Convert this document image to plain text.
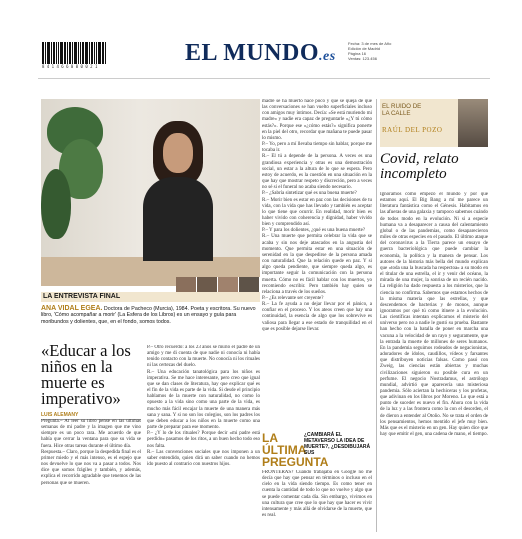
8 4 1 4 6 6 0 0 0 0 2 1
EL MUNDO.es
Fecha: 3 de mes de Año
Edición de Madrid
Página 16
Ventas: 123.456
LA ENTREVISTA FINAL
ANA VIDAL EGEA. Doctora de Pacheco (Murcia), 1984. Poeta y escritora. Su nuevo libro, 'Cómo acompañar a morir' (La Esfera de los Libros) es un ensayo y guía para moribundos y dolientes, que, en el fondo, somos todos.
«Educar a los niños en la muerte es imperativo»
LUIS ALEMANY

Pregunta.– Al leer su libro pensé en las últimas semanas de mi padre y la imagen que me vino siempre es un poco rara. Me acuerdo de que había que cerrar la ventana para que su vida se fuera. Hice otras tareas durante el último día.

Respuesta.– Claro, porque la despedida final es el primer miedo y el más intenso, es el espejo que nos devuelve lo que nos va a pasar a todos. Nos dice que somos frágiles y también, y además, explica el recorrido agradable que tenemos de las personas que se mueren.

P.– Otro recuerdo: a los 23 años se murió el padre de un amigo y me di cuenta de que nadie ni conocía ni había tenido contacto con la muerte. No conocía ni los rituales ni las certezas del duelo.

R.– Una educación tanatológica para los niños es imperativa. Se me hace interesante, pero creo que igual que se dan clases de literatura, hay que explicar qué es el fin de la vida es parte de la vida. Si desde el principio hablamos de la muerte con naturalidad, no como lo opuesto a la vida sino como una parte de la vida, es mucho más fácil encajar la muerte de una manera más sana y sana. Y si no son los colegios, son los padres los que deben educar a los niños en la muerte como una parte de preparar para ese momento.

P.– ¿Y lo de los rituales? Porque decir «mi padre está perdido» pasamos de los ritos, a un buen hecho todo eso nos falta.

R.– Las convenciones sociales que nos imponen a un saber entendido, quien dirá un saber cuando no hemos ido puesto al contrario con nuestros hijos.

madre se ha muerto hace poco y que se queja de que las conversaciones se han vuelto superficiales incluso con amigos muy íntimos. Decía: «Se está muriendo mi madre» y nadie era capaz de preguntarle «¿Y tú cómo estás?». Porque ese «¿cómo estás?» significa ponerte en la piel del otro, recordar que mañana te puede pasar lo mismo.

P.– Yo, pero a mí llevaba tiempo sin hablar, porque me tocaba ir.

R.– El tú a depende de la persona. A veces es una grandiosa experiencia y otras es una demostración social, un estar a la altura de lo que se espera. Pero estoy de acuerdo, es la cuestión en una situación en la que hay que mostrar respeto y discreción, pero a veces no sé si el funeral no acaba siendo necesario.

P.– ¿Sabría sintetizar qué es una buena muerte?

R.– Morir bien es estar en paz con las decisiones de tu vida, con la vida que has llevado y también es aceptar lo que tiene que ocurrir. En realidad, morir bien es haber vivido con coherencia y dignidad, haber vivido bien y comprendido así.

P.– Y para los dolientes, ¿qué es una buena muerte?

R.– Una muerte que permita celebrar la vida que se acaba y sin nos deje atascados en la angustia del momento. Que permita estar en una situación de serenidad en la que despedirse de la persona amada con naturalidad. Que la relación quede en paz. Y si algo queda pendiente, que siempre queda algo, es importante seguir la comunicación con la persona muerta. Cómo no es fácil hablar con los muertos, yo recomiendo escribir. Pero también hay quien se relaciona a través de los sueños.

P.– ¿Es relevante ser creyente?

R.– La fe ayuda a no dejar llevar por el pánico, a confiar en el proceso. Y los ateos creen que hay una continuidad, la esencia de algo que los sobrevive es valiosa para llegar a ese estado de tranquilidad en el que es posible dejarse llevar.

LA ÚLTIMA PREGUNTA
¿CAMBIARÁ EL METAVERSO LA IDEA DE MUERTE?, ¿DESDIBUJARÁ SUS

FRONTERAS? Cuando trabajaba en Google no me decía que hay que pensar en términos o incluso en el cielo en la vida siendo tiempo. Es como tener en cuenta la cantidad de todo lo que no vuelve y algo que se puede comentar cada día. Sin embargo, vivimos en una cultura que cree que lo que hay que hacer es vivir intensamente y más allá de olvidarse de la muerte, que es real.

EL RUIDO DE LA CALLE
RAÚL DEL POZO
Covid, relato incompleto

Ignoramos cómo empezó el mundo y por qué estamos aquí. El Big Bang a mí me parece un literatura fantástica como el Génesis. Habitamos en las afueras de una galaxia y tampoco sabemos cuándo de todos modo en la evolución. Ni si a especie humana va a desaparecer a causa del calentamiento global o de las pandemias, como desaparecieron miles de otras especies en el pasado. El último ataque del coronavirus a la Tierra parece un ensayo de guerra bacteriológica que puede cambiar la economía, la política y la manera de pensar. Los autores de la historia más bella del mundo explican que «toda una la buscada ha respectoa» a su modo en el titular de una estrella, el ir y venir del océano, la mirada de una mujer, la sonrisa de un recién nacido. La religión ha dado respuesta a los misterios, que la ciencia no confirma. Sabemos que estamos hechos de la misma materia que las estrellas, y que descendemos de bacterias y de monos, aunque ignoramos por qué tú como itinere a la evolución. Las científicas intentan explicarnos el misterio del universo pero no a nadie le gustó su prueba. Bastante han hecho con la batalla de poner en marcha una vacuna a la velocidad de un rayo y seguramente, que la entrada la muerte de millones de seres humanos. En la pandemia seguimos rodeados de negacionistas, adoradores de ídolos, caudillos, vídeos y farsantes que distribuyen noticias falsas. Como pasó con Zweig, las ciencias están abiertas y muchas civilizaciones siguieron su posible cura en un perfume. El negocio Nostradamus, el astrólogo mundial, advirtió que aparecería una misteriosa pandemia. Sólo aciertan la hechiceras y los profetas, que adivinan en los libros por Moreno. Lo que está a punto de suceder es nuevo el fin. Ahora con la vida de la luz y a las frontera como la con el desorden, el de dieron a entender al Otoño. No se trata el orden de los pensamientos, hemos mentido el jefe muy bien. Más que es el misterio en un gen. Hay quien dice que hay que emitir el gen, una cadena de mano, el tiempo.
